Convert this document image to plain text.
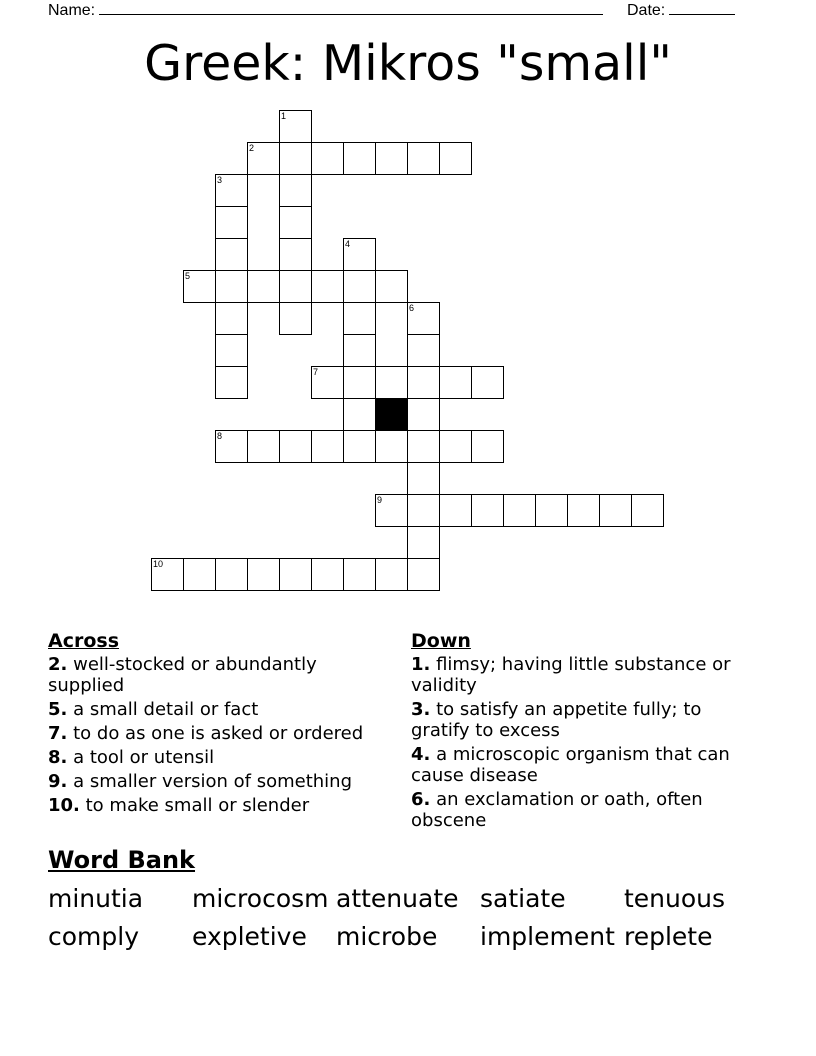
Name:	Date:
Greek: Mikros "small"
1
2
3
4
5
6
7
8
9
10
Across
2. well-stocked or abundantly supplied
5. a small detail or fact
7. to do as one is asked or ordered
8. a tool or utensil
9. a smaller version of something
10. to make small or slender
Down
1. flimsy; having little substance or validity
3. to satisfy an appetite fully; to gratify to excess
4. a microscopic organism that can cause disease
6. an exclamation or oath, often obscene
Word Bank
minutia microcosm attenuate satiate tenuous
comply expletive microbe implement replete
